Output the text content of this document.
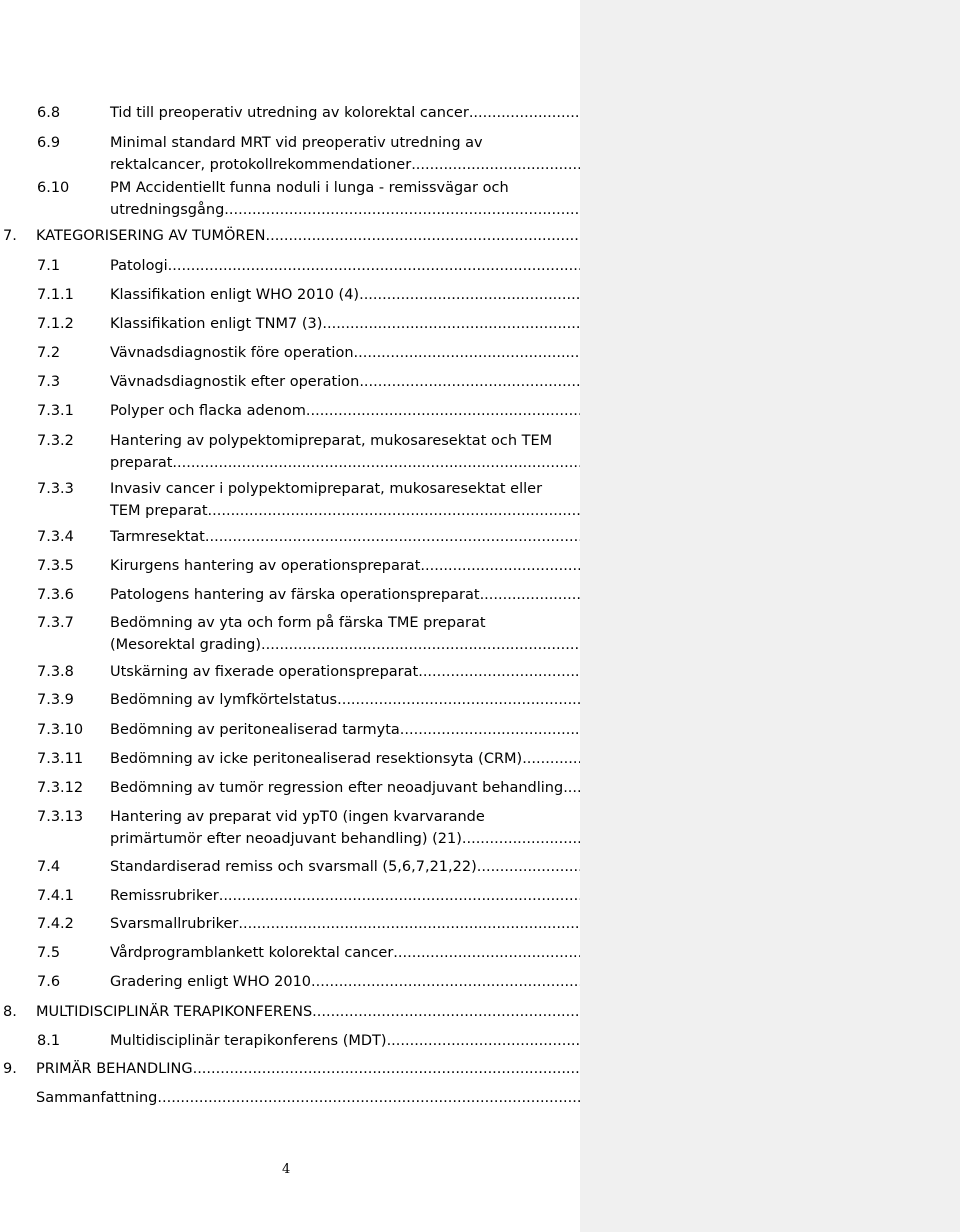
6.8	Tid till preoperativ utredning av kolorektal cancer
.....
6.9	Minimal standard MRT vid preoperativ utredning av
rektalcancer, protokollrekommendationer
.....
6.10	PM Accidentiellt funna noduli i lunga - remissvägar och
utredningsgång
.....
7. KATEGORISERING AV TUMÖREN
.....
7.1	Patologi
.....
7.1.1 Klassifikation enligt WHO 2010 (4)
.....
7.1.2 Klassifikation enligt TNM7 (3)
.....
7.2	Vävnadsdiagnostik före operation
.....
7.3	Vävnadsdiagnostik efter operation
.....
7.3.1 Polyper och flacka adenom
.....
7.3.2 Hantering av polypektomipreparat, mukosaresektat och TEM
preparat
.....
7.3.3 Invasiv cancer i polypektomipreparat, mukosaresektat eller
TEM preparat
.....
7.3.4 Tarmresektat
.....
7.3.5 Kirurgens hantering av operationspreparat
.....
7.3.6 Patologens hantering av färska operationspreparat
.....
7.3.7 Bedömning av yta och form på färska TME preparat
(Mesorektal grading)
.....
7.3.8 Utskärning av fixerade operationspreparat
.....
7.3.9 Bedömning av lymfkörtelstatus
.....
7.3.10 Bedömning av peritonealiserad tarmyta
.....
7.3.11 Bedömning av icke peritonealiserad resektionsyta (CRM)
.....
7.3.12 Bedömning av tumör regression efter neoadjuvant behandling
.....
7.3.13 Hantering av preparat vid ypT0 (ingen kvarvarande
primärtumör efter neoadjuvant behandling) (21)
.....
7.4	Standardiserad remiss och svarsmall (5,6,7,21,22)
.....
7.4.1 Remissrubriker
.....
7.4.2 Svarsmallrubriker
.....
7.5	Vårdprogramblankett kolorektal cancer
.....
7.6	Gradering enligt WHO 2010
.....
8. MULTIDISCIPLINÄR TERAPIKONFERENS
.....
8.1	Multidisciplinär terapikonferens (MDT)
.....
9. PRIMÄR BEHANDLING
.....
Sammanfattning
.....
4
